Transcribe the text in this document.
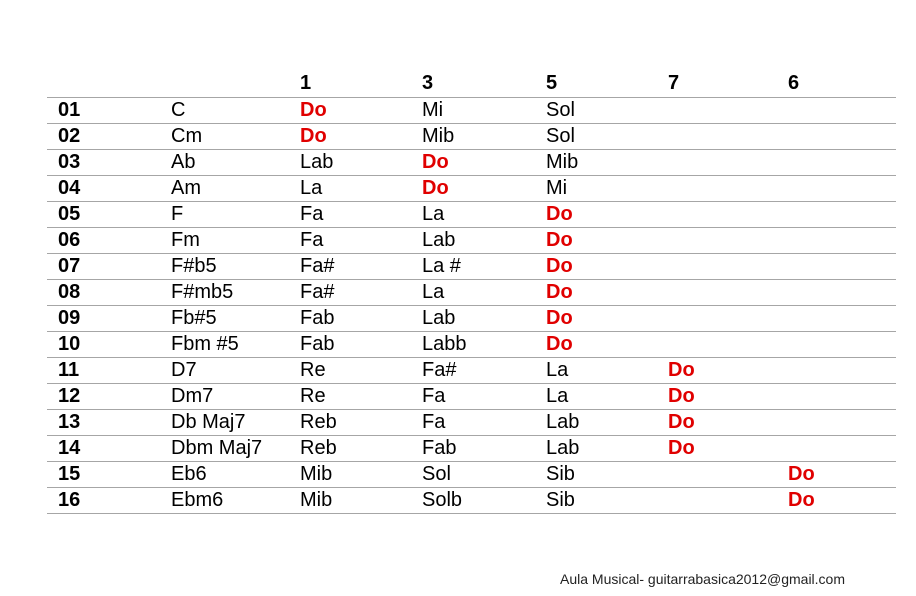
		1	3	5	7	6
01	C	Do	Mi	Sol		
02	Cm	Do	Mib	Sol		
03	Ab	Lab	Do	Mib		
04	Am	La	Do	Mi		
05	F	Fa	La	Do		
06	Fm	Fa	Lab	Do		
07	F#b5	Fa#	La #	Do		
08	F#mb5	Fa#	La	Do		
09	Fb#5	Fab	Lab	Do		
10	Fbm #5	Fab	Labb	Do		
11	D7	Re	Fa#	La	Do	
12	Dm7	Re	Fa	La	Do	
13	Db Maj7	Reb	Fa	Lab	Do	
14	Dbm Maj7	Reb	Fab	Lab	Do	
15	Eb6	Mib	Sol	Sib		Do
16	Ebm6	Mib	Solb	Sib		Do
Aula Musical- guitarrabasica2012@gmail.com
